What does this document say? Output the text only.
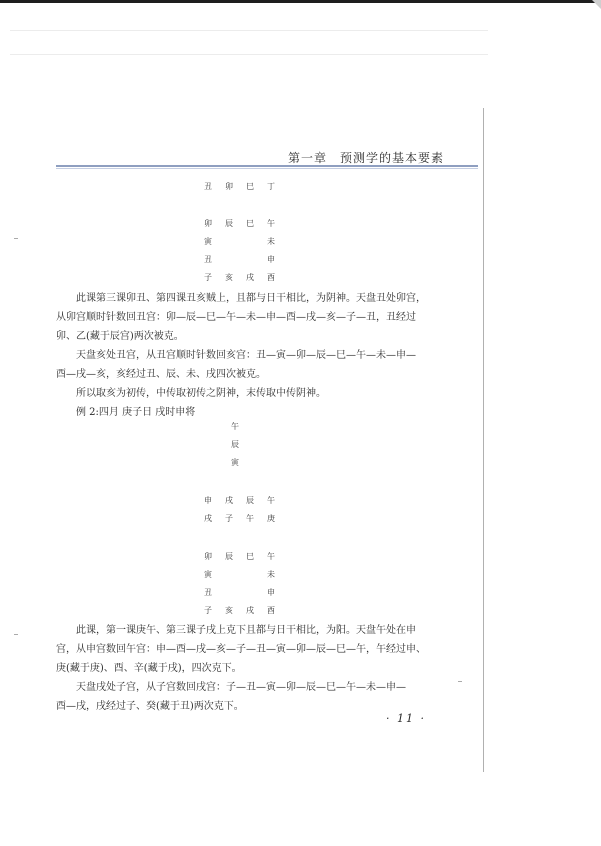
第一章　预测学的基本要素
丑 卯 巳 丁
卯 辰 巳 午
寅	未
丑	申
子 亥 戌 酉
此课第三课卯丑、第四课丑亥贼上，且都与日干相比，为阴神。天盘丑处卯宫，
从卯宫顺时针数回丑宫：卯—辰—巳—午—未—申—酉—戌—亥—子—丑，丑经过
卯、乙(藏于辰宫)两次被克。
天盘亥处丑宫，从丑宫顺时针数回亥宫：丑—寅—卯—辰—巳—午—未—申—
酉—戌—亥，亥经过丑、辰、未、戌四次被克。
所以取亥为初传，中传取初传之阴神，末传取中传阴神。
例 2:四月 庚子日 戌时申将
午
辰
寅
申 戌 辰 午
戌 子 午 庚
卯 辰 巳 午
寅	未
丑	申
子 亥 戌 酉
此课，第一课庚午、第三课子戌上克下且都与日干相比，为阳。天盘午处在申
宫，从申宫数回午宫：申—酉—戌—亥—子—丑—寅—卯—辰—巳—午，午经过申、
庚(藏于庚)、酉、辛(藏于戌)，四次克下。
天盘戌处子宫，从子宫数回戌宫：子—丑—寅—卯—辰—巳—午—未—申—
酉—戌，戌经过子、癸(藏于丑)两次克下。
· 11 ·
